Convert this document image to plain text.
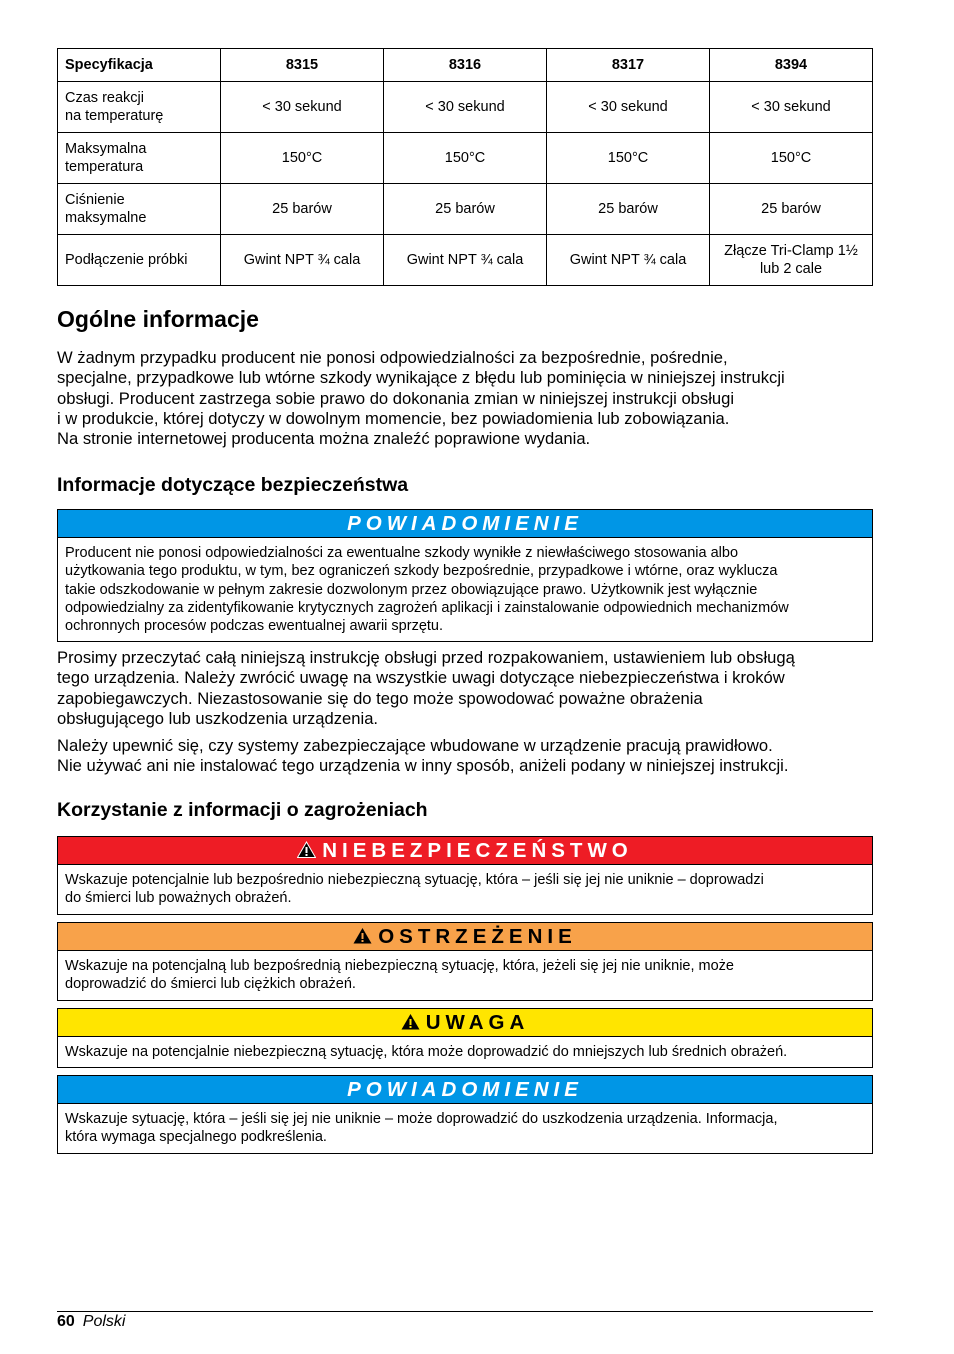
Specyfikacja	8315	8316	8317	8394
Czas reakcji
na temperaturę	< 30 sekund	< 30 sekund	< 30 sekund	< 30 sekund
Maksymalna
temperatura	150°C	150°C	150°C	150°C
Ciśnienie
maksymalne	25 barów	25 barów	25 barów	25 barów
Podłączenie próbki	Gwint NPT ¾ cala	Gwint NPT ¾ cala	Gwint NPT ¾ cala	Złącze Tri-Clamp 1½
lub 2 cale
Ogólne informacje

W żadnym przypadku producent nie ponosi odpowiedzialności za bezpośrednie, pośrednie,
specjalne, przypadkowe lub wtórne szkody wynikające z błędu lub pominięcia w niniejszej instrukcji
obsługi. Producent zastrzega sobie prawo do dokonania zmian w niniejszej instrukcji obsługi
i w produkcie, której dotyczy w dowolnym momencie, bez powiadomienia lub zobowiązania.
Na stronie internetowej producenta można znaleźć poprawione wydania.

Informacje dotyczące bezpieczeństwa
POWIADOMIENIE
Producent nie ponosi odpowiedzialności za ewentualne szkody wynikłe z niewłaściwego stosowania albo
użytkowania tego produktu, w tym, bez ograniczeń szkody bezpośrednie, przypadkowe i wtórne, oraz wyklucza
takie odszkodowanie w pełnym zakresie dozwolonym przez obowiązujące prawo. Użytkownik jest wyłącznie
odpowiedzialny za zidentyfikowanie krytycznych zagrożeń aplikacji i zainstalowanie odpowiednich mechanizmów
ochronnych procesów podczas ewentualnej awarii sprzętu.

Prosimy przeczytać całą niniejszą instrukcję obsługi przed rozpakowaniem, ustawieniem lub obsługą
tego urządzenia. Należy zwrócić uwagę na wszystkie uwagi dotyczące niebezpieczeństwa i kroków
zapobiegawczych. Niezastosowanie się do tego może spowodować poważne obrażenia
obsługującego lub uszkodzenia urządzenia.

Należy upewnić się, czy systemy zabezpieczające wbudowane w urządzenie pracują prawidłowo.
Nie używać ani nie instalować tego urządzenia w inny sposób, aniżeli podany w niniejszej instrukcji.

Korzystanie z informacji o zagrożeniach
NIEBEZPIECZEŃSTWO
Wskazuje potencjalnie lub bezpośrednio niebezpieczną sytuację, która – jeśli się jej nie uniknie – doprowadzi
do śmierci lub poważnych obrażeń.
OSTRZEŻENIE
Wskazuje na potencjalną lub bezpośrednią niebezpieczną sytuację, która, jeżeli się jej nie uniknie, może
doprowadzić do śmierci lub ciężkich obrażeń.
UWAGA
Wskazuje na potencjalnie niebezpieczną sytuację, która może doprowadzić do mniejszych lub średnich obrażeń.
POWIADOMIENIE
Wskazuje sytuację, która – jeśli się jej nie uniknie – może doprowadzić do uszkodzenia urządzenia. Informacja,
która wymaga specjalnego podkreślenia.
60 Polski
